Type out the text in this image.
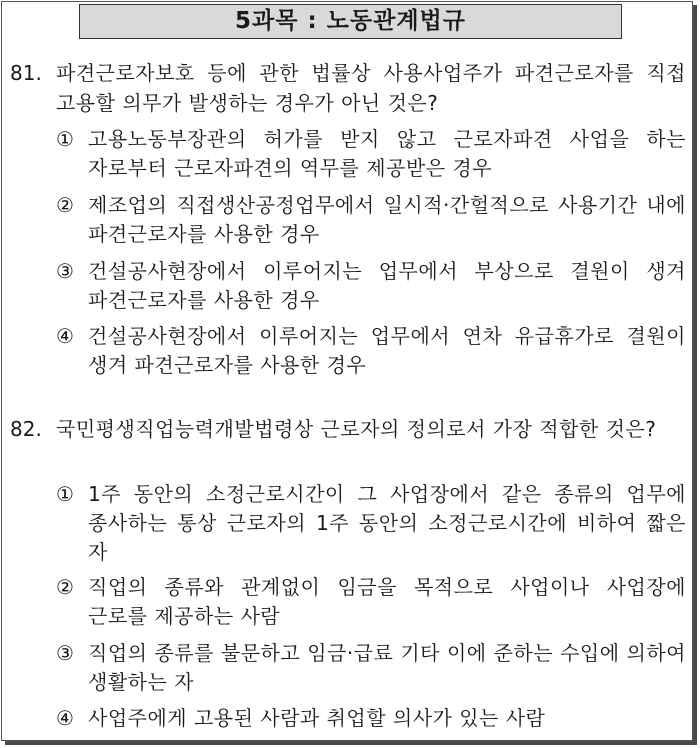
5과목 : 노동관계법규
81. 파견근로자보호 등에 관한 법률상 사용사업주가 파견근로자를 직접 고용할 의무가 발생하는 경우가 아닌 것은?
① 고용노동부장관의 허가를 받지 않고 근로자파견 사업을 하는 자로부터 근로자파견의 역무를 제공받은 경우
② 제조업의 직접생산공정업무에서 일시적·간헐적으로 사용기간 내에 파견근로자를 사용한 경우
③ 건설공사현장에서 이루어지는 업무에서 부상으로 결원이 생겨 파견근로자를 사용한 경우
④ 건설공사현장에서 이루어지는 업무에서 연차 유급휴가로 결원이 생겨 파견근로자를 사용한 경우
82. 국민평생직업능력개발법령상 근로자의 정의로서 가장 적합한 것은?
① 1주 동안의 소정근로시간이 그 사업장에서 같은 종류의 업무에 종사하는 통상 근로자의 1주 동안의 소정근로시간에 비하여 짧은 자
② 직업의 종류와 관계없이 임금을 목적으로 사업이나 사업장에 근로를 제공하는 사람
③ 직업의 종류를 불문하고 임금·급료 기타 이에 준하는 수입에 의하여 생활하는 자
④ 사업주에게 고용된 사람과 취업할 의사가 있는 사람
